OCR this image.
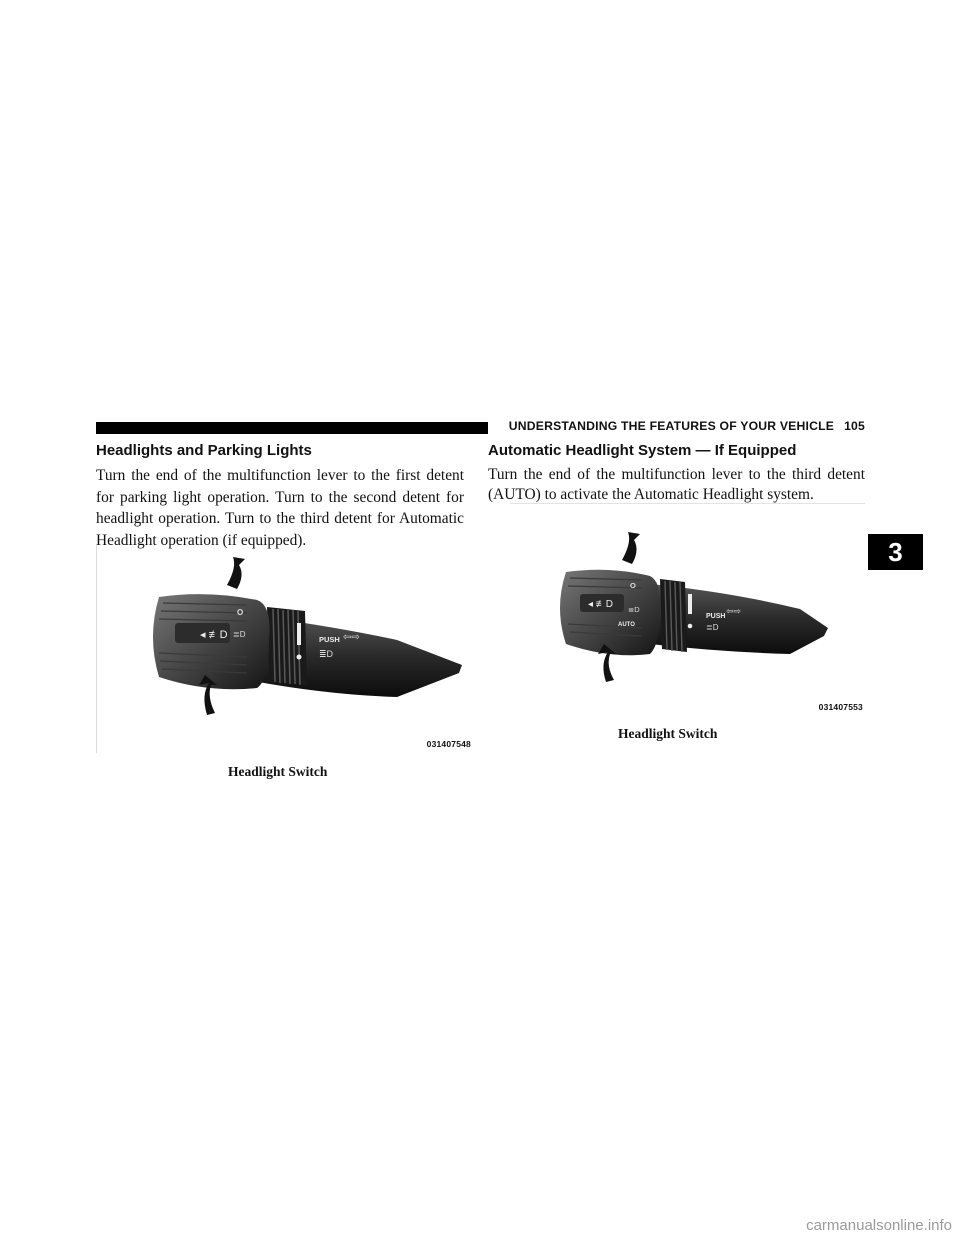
UNDERSTANDING THE FEATURES OF YOUR VEHICLE 105
Headlights and Parking Lights

Turn the end of the multifunction lever to the first detent for parking light operation. Turn to the second detent for headlight operation. Turn to the third detent for Automatic Headlight operation (if equipped).

Automatic Headlight System — If Equipped

Turn the end of the multifunction lever to the third detent (AUTO) to activate the Automatic Headlight system.

◂ ≢D
O
≣D
PUSH
≣D
⇦⇨
031407548
Headlight Switch
◂ ≢D
O
≣D
AUTO
PUSH
≣D
⇦⇨
031407553
Headlight Switch
3
carmanualsonline.info
